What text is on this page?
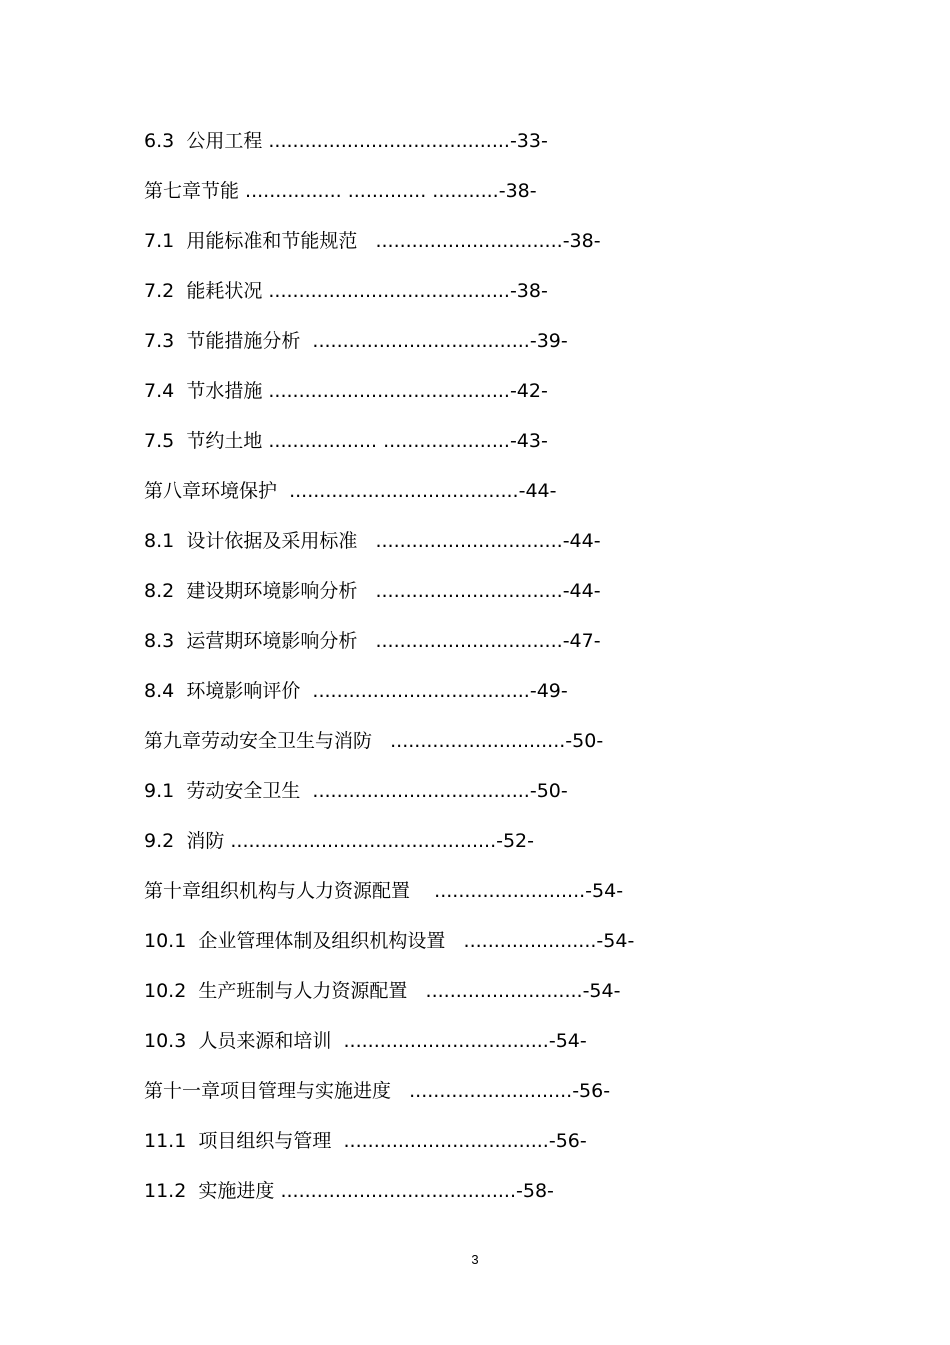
6.3 公用工程 ........................................-33-
第七章节能 ................ ............. ...........-38-
7.1 用能标准和节能规范   ...............................-38-
7.2 能耗状况 ........................................-38-
7.3 节能措施分析  ....................................-39-
7.4 节水措施 ........................................-42-
7.5 节约土地 .................. .....................-43-
第八章环境保护  ......................................-44-
8.1 设计依据及采用标准   ...............................-44-
8.2 建设期环境影响分析   ...............................-44-
8.3 运营期环境影响分析   ...............................-47-
8.4 环境影响评价  ....................................-49-
第九章劳动安全卫生与消防   .............................-50-
9.1 劳动安全卫生  ....................................-50-
9.2 消防 ............................................-52-
第十章组织机构与人力资源配置    .........................-54-
10.1 企业管理体制及组织机构设置   ......................-54-
10.2 生产班制与人力资源配置   ..........................-54-
10.3 人员来源和培训  ..................................-54-
第十一章项目管理与实施进度   ...........................-56-
11.1 项目组织与管理  ..................................-56-
11.2 实施进度 .......................................-58-
3
